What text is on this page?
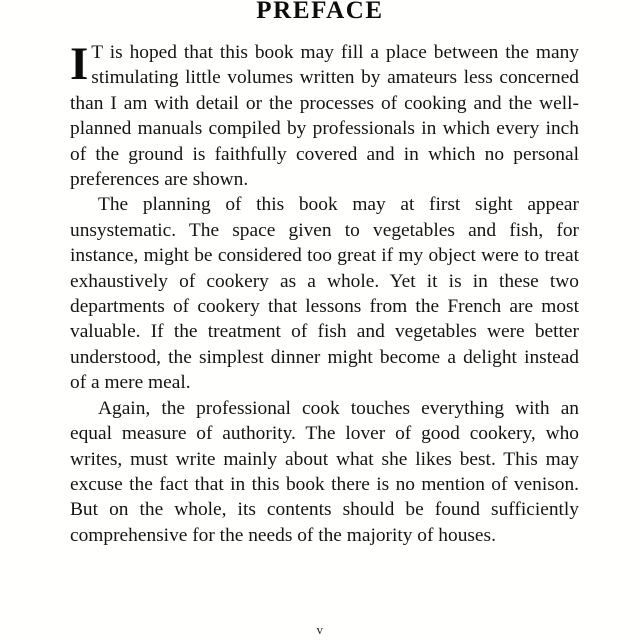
PREFACE

I T is hoped that this book may fill a place between the many stimulating little volumes written by amateurs less concerned than I am with detail or the processes of cooking and the well-planned manuals compiled by professionals in which every inch of the ground is faithfully covered and in which no personal preferences are shown.

The planning of this book may at first sight appear unsystematic. The space given to vegetables and fish, for instance, might be considered too great if my object were to treat exhaustively of cookery as a whole. Yet it is in these two departments of cookery that lessons from the French are most valuable. If the treatment of fish and vegetables were better understood, the simplest dinner might become a delight instead of a mere meal.

Again, the professional cook touches everything with an equal measure of authority. The lover of good cookery, who writes, must write mainly about what she likes best. This may excuse the fact that in this book there is no mention of venison. But on the whole, its contents should be found sufficiently comprehensive for the needs of the majority of houses.

v
